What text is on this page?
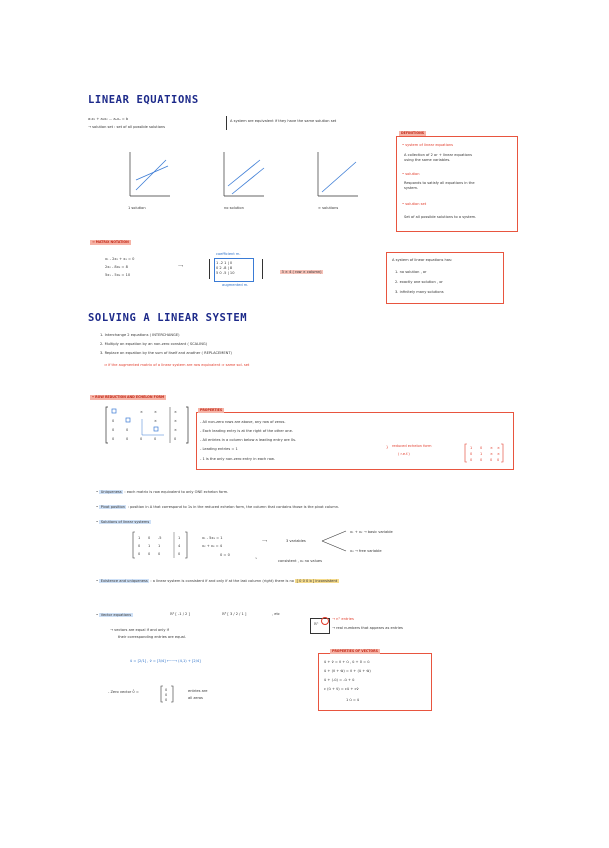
LINEAR EQUATIONS
a₁x₁ + a₂x₂ ... aₙxₙ = b
→ solution set : set of all possible solutions
A system are equivalent if they have the same solution set
1 solution	no solution	∞ solutions
DEFINITIONS
• system of linear equations
A collection of 2 or + linear equations
using the same variables.
• solution
Responds to satisfy all equations in the
system.
• solution set
Set of all possible solutions to a system.
→ MATRIX NOTATION
x₁ - 2x₂ + x₃ = 0
2x₂ - 8x₃ = 8
5x₁ - 5x₃ = 10
⟶
coefficient m.
1 -2 1 | 0
0 2 -8 | 8
5 0 -5 | 10
augmented m.
3 × 4 ( row × column)
A system of linear equations has:
1. no solution , or
2. exactly one solution , or
3. infinitely many solutions
SOLVING A LINEAR SYSTEM
1. Interchange 2 equations ( INTERCHANGE)
2. Multiply an equation by an non-zero constant ( SCALING)
3. Replace an equation by the sum of itself and another ( REPLACEMENT)
⇒ if the augmented matrix of a linear system are row equivalent ⇒ same sol. set
• ROW REDUCTION AND ECHELON FORM
×	×	×
0	×	×
0	0	×
0	0	0	0	0
PROPERTIES
- All non-zero rows are above, any row of zeros.
- Each leading entry is at the right of the other one.
- All entries in a column below a leading entry are 0s.
- Leading entries = 1
- 1 is the only non-zero entry in each row.
} reduced echelon form
( r.e.f.)
1 0 × ×
0 1 × ×
0 0 0 0
• Uniqueness : each matrix is row equivalent to only ONE echelon form.
• Pivot position : position in A that correspond to 1s in the reduced echelon form, the column that contains those is the pivot column.
• Solutions of linear systems
1 0 -5	1
0 1 1	4
0 0 0	0
x₁ - 5x₃ = 1
x₂ + x₃ = 4
0 = 0
⟶	3 variables
x₁ + x₂ → basic variable
x₃ → free variable
⤷
consistent , x₃ no values
• Existence and uniqueness : a linear system is consistent if and only if at the last column (right) there is no [ 0 0 0 b ] inconsistent
• Vector equations	ℝ² [ -1 / 2 ]	ℝ³ [ 3 / 2 / 1 ]	, etc
→ vectors are equal if and only if
their corresponding entries are equal.
ℝⁿ
→ n° entries
→ real numbers that appears as entries
ū = [2/1] , v̄ = [3/4] ⟵⟶ (4,1) + [2/4]
- Zero vector 0̄ =	0
0
0
entries are
all zeros
PROPERTIES OF VECTORS
ū + v̄ = v̄ + ū , ū + 0 = ū
ū + (v̄ + w̄) = v̄ + (ū + w̄)
ū + (-ū) = -ū + ū
c (ū + v̄) = cū + cv̄
1 ū = ū
